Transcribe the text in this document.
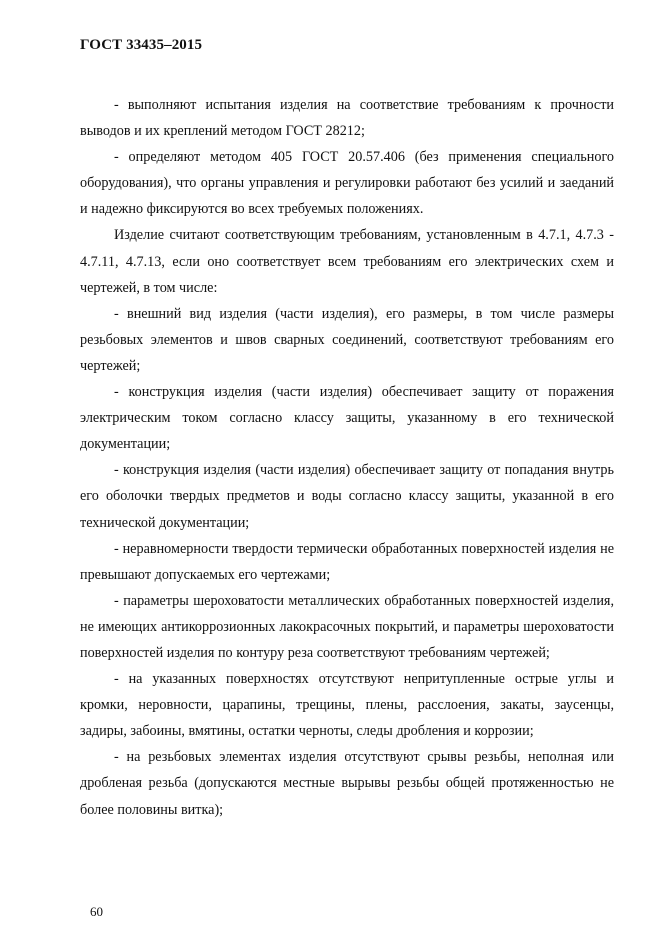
ГОСТ 33435–2015

- выполняют испытания изделия на соответствие требованиям к прочности выводов и их креплений методом ГОСТ 28212;

- определяют методом 405 ГОСТ 20.57.406 (без применения специального оборудования), что органы управления и регулировки работают без усилий и заеданий и надежно фиксируются во всех требуемых положениях.

Изделие считают соответствующим требованиям, установленным в 4.7.1, 4.7.3 - 4.7.11, 4.7.13, если оно соответствует всем требованиям его электрических схем и чертежей, в том числе:

- внешний вид изделия (части изделия), его размеры, в том числе размеры резьбовых элементов и швов сварных соединений, соответствуют требованиям его чертежей;

- конструкция изделия (части изделия) обеспечивает защиту от поражения электрическим током согласно классу защиты, указанному в его технической документации;

- конструкция изделия (части изделия) обеспечивает защиту от попадания внутрь его оболочки твердых предметов и воды согласно классу защиты, указанной в его технической документации;

- неравномерности твердости термически обработанных поверхностей изделия не превышают допускаемых его чертежами;

- параметры шероховатости металлических обработанных поверхностей изделия, не имеющих антикоррозионных лакокрасочных покрытий, и параметры шероховатости поверхностей изделия по контуру реза соответствуют требованиям чертежей;

- на указанных поверхностях отсутствуют непритупленные острые углы и кромки, неровности, царапины, трещины, плены, расслоения, закаты, заусенцы, задиры, забоины, вмятины, остатки черноты, следы дробления и коррозии;

- на резьбовых элементах изделия отсутствуют срывы резьбы, неполная или дробленая резьба (допускаются местные вырывы резьбы общей протяженностью не более половины витка);

60
